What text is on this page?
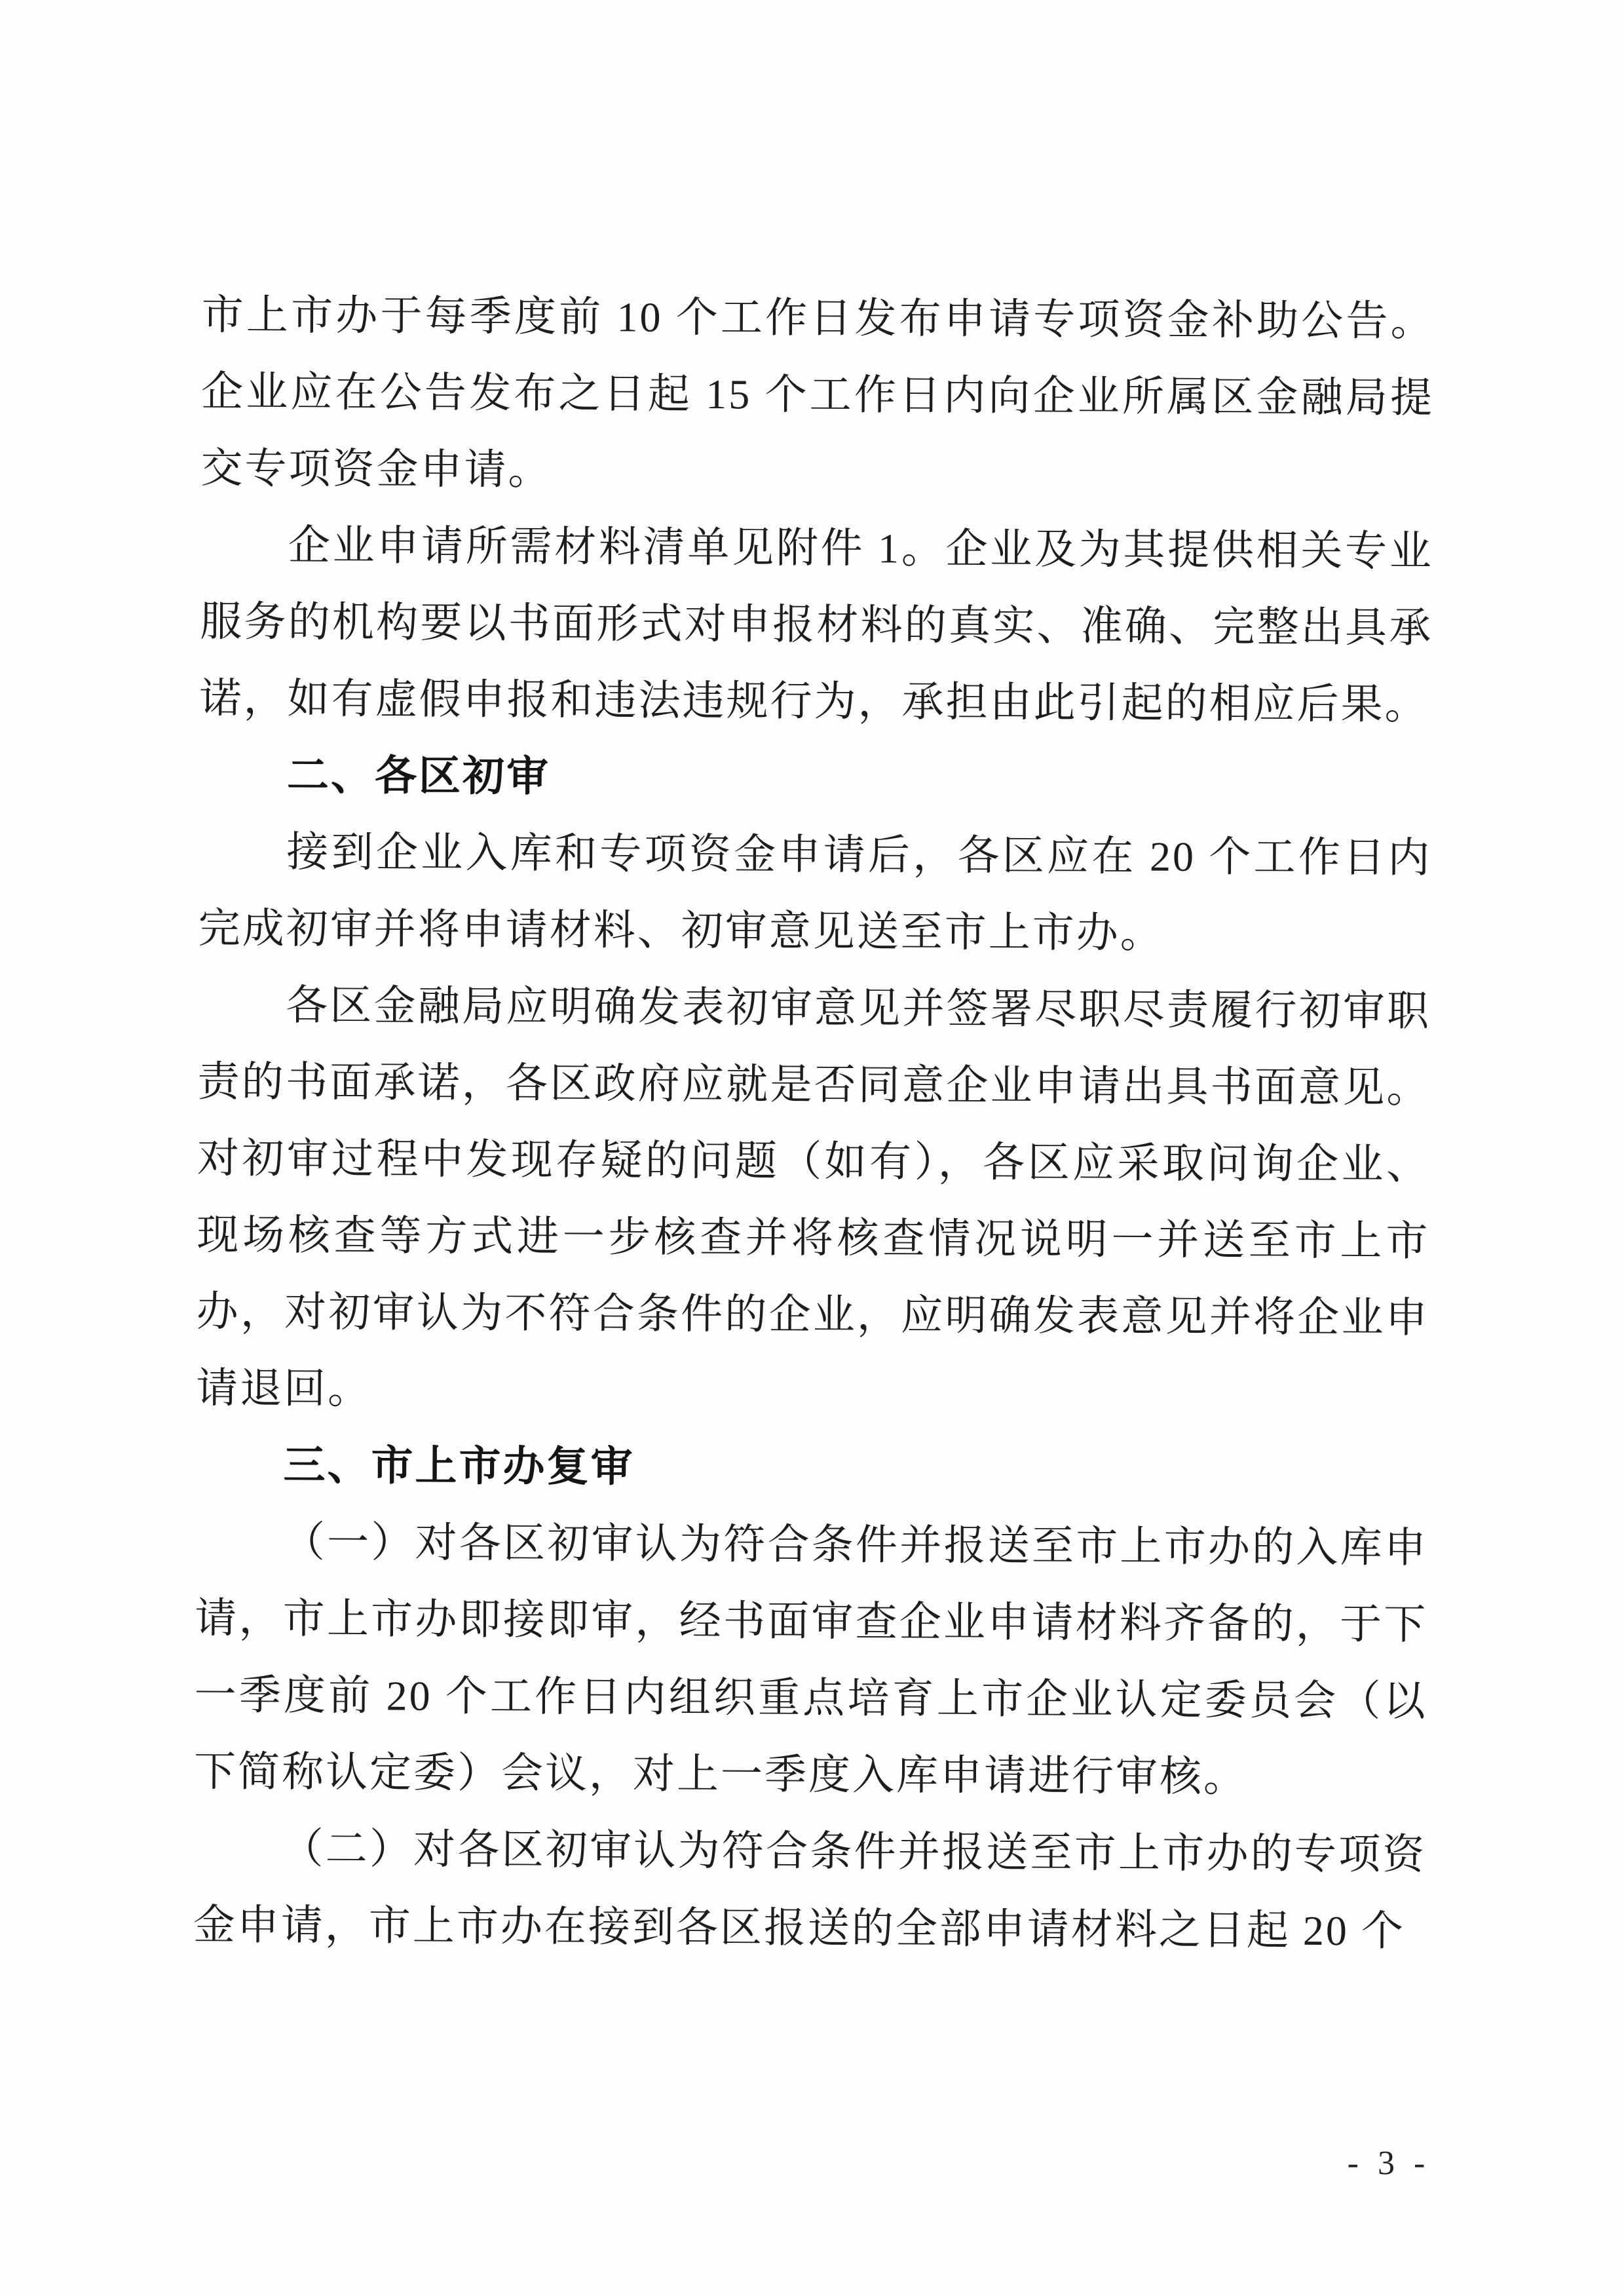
市上市办于每季度前 10 个工作日发布申请专项资金补助公告。企业应在公告发布之日起 15 个工作日内向企业所属区金融局提交专项资金申请。

企业申请所需材料清单见附件 1。企业及为其提供相关专业服务的机构要以书面形式对申报材料的真实、准确、完整出具承诺，如有虚假申报和违法违规行为，承担由此引起的相应后果。

二、各区初审

接到企业入库和专项资金申请后，各区应在 20 个工作日内完成初审并将申请材料、初审意见送至市上市办。

各区金融局应明确发表初审意见并签署尽职尽责履行初审职责的书面承诺，各区政府应就是否同意企业申请出具书面意见。对初审过程中发现存疑的问题（如有），各区应采取问询企业、现场核查等方式进一步核查并将核查情况说明一并送至市上市办，对初审认为不符合条件的企业，应明确发表意见并将企业申请退回。

三、市上市办复审

（一）对各区初审认为符合条件并报送至市上市办的入库申请，市上市办即接即审，经书面审查企业申请材料齐备的，于下一季度前 20 个工作日内组织重点培育上市企业认定委员会（以下简称认定委）会议，对上一季度入库申请进行审核。

（二）对各区初审认为符合条件并报送至市上市办的专项资金申请，市上市办在接到各区报送的全部申请材料之日起 20 个

- 3 -
